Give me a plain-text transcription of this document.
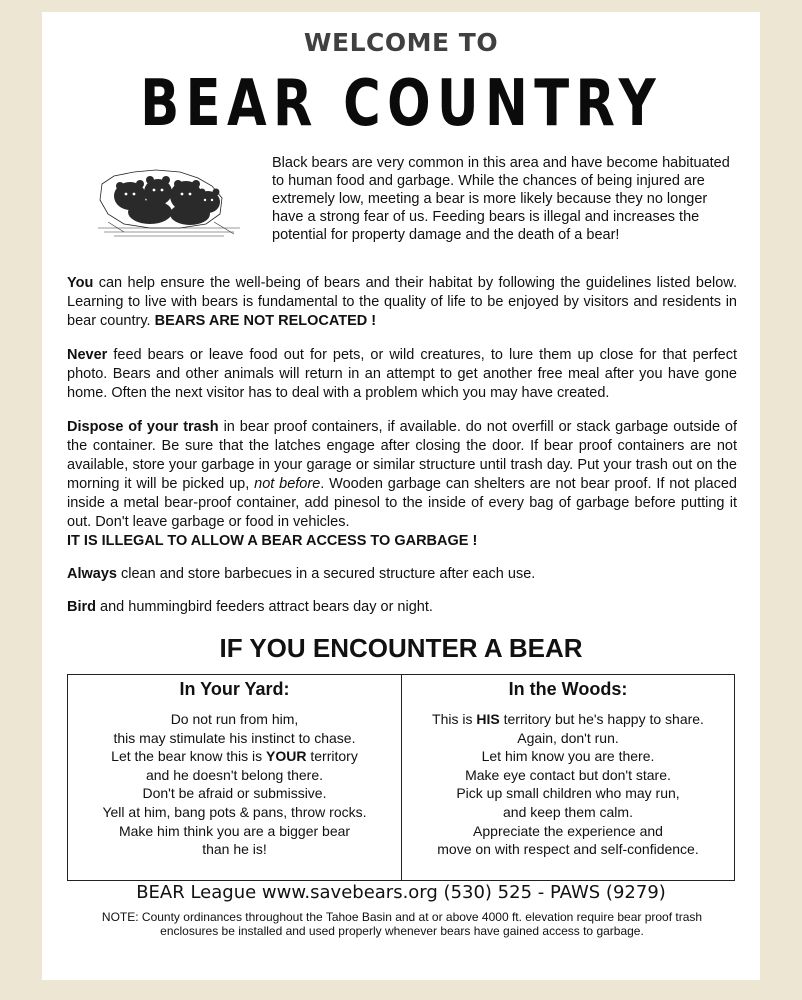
WELCOME TO
BEAR COUNTRY
Black bears are very common in this area and have become habituated to human food and garbage. While the chances of being injured are extremely low, meeting a bear is more likely because they no longer have a strong fear of us. Feeding bears is illegal and increases the potential for property damage and the death of a bear!

You can help ensure the well-being of bears and their habitat by following the guidelines listed below. Learning to live with bears is fundamental to the quality of life to be enjoyed by visitors and residents in bear country. BEARS ARE NOT RELOCATED !

Never feed bears or leave food out for pets, or wild creatures, to lure them up close for that perfect photo. Bears and other animals will return in an attempt to get another free meal after you have gone home. Often the next visitor has to deal with a problem which you may have created.

Dispose of your trash in bear proof containers, if available. do not overfill or stack garbage outside of the container. Be sure that the latches engage after closing the door. If bear proof containers are not available, store your garbage in your garage or similar structure until trash day. Put your trash out on the morning it will be picked up, not before. Wooden garbage can shelters are not bear proof. If not placed inside a metal bear-proof container, add pinesol to the inside of every bag of garbage before putting it out. Don't leave garbage or food in vehicles.
IT IS ILLEGAL TO ALLOW A BEAR ACCESS TO GARBAGE !

Always clean and store barbecues in a secured structure after each use.

Bird and hummingbird feeders attract bears day or night.

IF YOU ENCOUNTER A BEAR
In Your Yard:

Do not run from him,

this may stimulate his instinct to chase.

Let the bear know this is YOUR territory

and he doesn't belong there.

Don't be afraid or submissive.

Yell at him, bang pots & pans, throw rocks.

Make him think you are a bigger bear

than he is!

In the Woods:

This is HIS territory but he's happy to share.

Again, don't run.

Let him know you are there.

Make eye contact but don't stare.

Pick up small children who may run,

and keep them calm.

Appreciate the experience and

move on with respect and self-confidence.

BEAR League www.savebears.org (530) 525 - PAWS (9279)
NOTE: County ordinances throughout the Tahoe Basin and at or above 4000 ft. elevation require bear proof trash enclosures be installed and used properly whenever bears have gained access to garbage.
